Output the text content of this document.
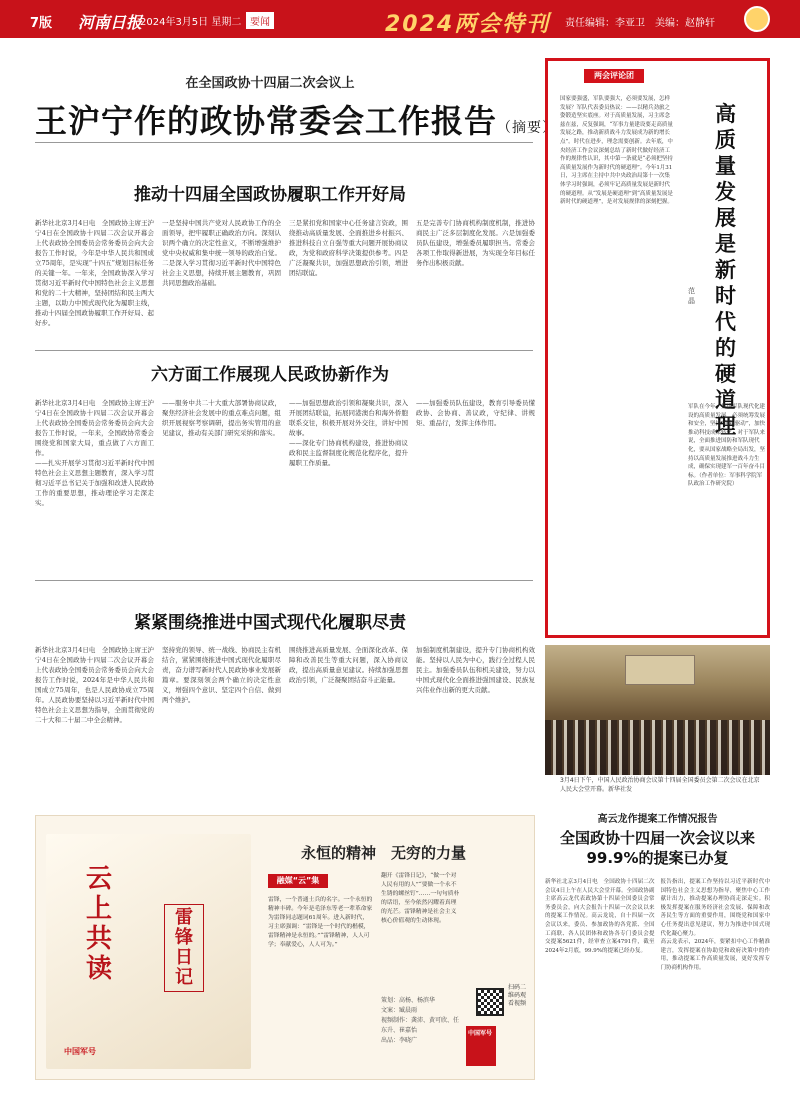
7版 河南日报
2024年3月5日 星期二 要闻	2024两会特刊 责任编辑：李亚卫　美编：赵静轩
在全国政协十四届二次会议上
王沪宁作的政协常委会工作报告（摘要）
推动十四届全国政协履职工作开好局
新华社北京3月4日电　全国政协主席王沪宁4日在全国政协十四届二次会议开幕会上代表政协全国委员会常务委员会向大会报告工作时说，今年是中华人民共和国成立75周年，是实现“十四五”规划目标任务的关键一年。一年来，全国政协深入学习贯彻习近平新时代中国特色社会主义思想和党的二十大精神，坚持团结和民主两大主题，以助力中国式现代化为履职主线，推动十四届全国政协履职工作开好局、起好步。
一是坚持中国共产党对人民政协工作的全面领导，把牢履职正确政治方向。深刻认识两个确立的决定性意义，不断增强维护党中央权威和集中统一领导的政治自觉。二是深入学习贯彻习近平新时代中国特色社会主义思想，持续开展主题教育，巩固共同思想政治基础。
三是紧扣党和国家中心任务建言资政，围绕推动高质量发展、全面推进乡村振兴、推进科技自立自强等重大问题开展协商议政，为党和政府科学决策提供参考。四是广泛凝聚共识，加强思想政治引领，增进团结联谊。
五是完善专门协商机构制度机制，推进协商民主广泛多层制度化发展。六是加强委员队伍建设，增强委员履职担当。常委会各项工作取得新进展，为实现全年目标任务作出积极贡献。
六方面工作展现人民政协新作为
新华社北京3月4日电　全国政协主席王沪宁4日在全国政协十四届二次会议开幕会上代表政协全国委员会常务委员会向大会报告工作时说，一年来，全国政协常委会围绕党和国家大局，重点做了六方面工作。
——扎实开展学习贯彻习近平新时代中国特色社会主义思想主题教育，深入学习贯彻习近平总书记关于加强和改进人民政协工作的重要思想，推动理论学习走深走实。
——服务中共二十大重大部署协商议政，聚焦经济社会发展中的重点难点问题，组织开展视察考察调研，提出务实管用的意见建议，推动有关部门研究采纳和落实。
——加强思想政治引领和凝聚共识，深入开展团结联谊，拓展同港澳台和海外侨胞联系交往，积极开展对外交往，讲好中国故事。
——深化专门协商机构建设，推进协商议政和民主监督制度化规范化程序化，提升履职工作质量。
——加强委员队伍建设，教育引导委员懂政协、会协商、善议政，守纪律、讲规矩、重品行，发挥主体作用。
紧紧围绕推进中国式现代化履职尽责
新华社北京3月4日电　全国政协主席王沪宁4日在全国政协十四届二次会议开幕会上代表政协全国委员会常务委员会向大会报告工作时说，2024年是中华人民共和国成立75周年，也是人民政协成立75周年。人民政协要坚持以习近平新时代中国特色社会主义思想为指导，全面贯彻党的二十大和二十届二中全会精神。
坚持党的领导、统一战线、协商民主有机结合，紧紧围绕推进中国式现代化履职尽责，奋力谱写新时代人民政协事业发展新篇章。要深刻领会两个确立的决定性意义，增强四个意识、坚定四个自信、做到两个维护。
围绕推进高质量发展、全面深化改革、保障和改善民生等重大问题，深入协商议政，提出高质量意见建议。持续加强思想政治引领，广泛凝聚团结奋斗正能量。
加强制度机制建设，提升专门协商机构效能。坚持以人民为中心，践行全过程人民民主。加强委员队伍和机关建设，努力以中国式现代化全面推进强国建设、民族复兴伟业作出新的更大贡献。
两会评论团
高质量发展是新时代的硬道理
范　晶
国家要强盛，军队要强大，必须要发展，怎样发展？军队代表委员热议：——以精兵劲旅之姿锻造坚实底座。对于高质量发展，习主席念兹在兹，反复强调，“军事力量建设要走高质量发展之路，推动新质战斗力发展成为新的增长点”。时代在进步，理念需要创新。去年底，中央经济工作会议深刻总结了新时代做好经济工作的规律性认识，其中第一条就是“必须把坚持高质量发展作为新时代的硬道理”。今年1月31日，习主席在主持中共中央政治局第十一次集体学习时强调，必须牢记高质量发展是新时代的硬道理。从“发展是硬道理”到“高质量发展是新时代的硬道理”，是对发展规律的深刻把握。
军队在今年、推进军队现代化建设的高质量发展，必须统筹发展和安全，坚持“创新驱动”，加快推动科技成果转化。对于军队来说，全面推进国防和军队现代化，要从国家战略全局出发，坚持以高质量发展推进战斗力生成，确保实现建军一百年奋斗目标。（作者单位：军事科学院军队政治工作研究院）
3月4日下午，中国人民政治协商会议第十四届全国委员会第二次会议在北京人民大会堂开幕。新华社发
云上共读
雷锋日记
中国军号
永恒的精神　无穷的力量
融媒“云”集
雷锋，一个普通士兵的名字。一个永恒的精神丰碑。今年是毛泽东等老一辈革命家为雷锋同志题词61周年。进入新时代，习主席强调：“雷锋是一个时代的楷模，雷锋精神是永恒的。”“雷锋精神，人人可学；奉献爱心，人人可为。”
翻开《雷锋日记》，“做一个对人民有用的人”“要做一个永不生锈的螺丝钉”……一句句质朴的话语，至今依然闪耀着真理的光芒。雷锋精神是社会主义核心价值观的生动体现。
策划：高杨、杨滨华
文案：臧晨雨
视频制作：龚沛、黄可欣、任东升、崔嘉怡
出品：李晓广
扫码二维码观看视频
中国军号
高云龙作提案工作情况报告
全国政协十四届一次会议以来99.9%的提案已办复
新华社北京3月4日电　全国政协十四届二次会议4日上午在人民大会堂开幕。全国政协副主席高云龙代表政协第十四届全国委员会常务委员会，向大会报告十四届一次会议以来的提案工作情况。高云龙说，自十四届一次会议以来，委员、参加政协的各党派、全国工商联、各人民团体和政协各专门委员会提交提案5621件，经审查立案4791件，截至2024年2月底，99.9%的提案已经办复。
报告指出，提案工作坚持以习近平新时代中国特色社会主义思想为指导，聚焦中心工作献计出力，推动提案办理协商走深走实。积极发挥提案在服务经济社会发展、保障和改善民生等方面的重要作用，围绕党和国家中心任务提出意见建议，努力为推进中国式现代化凝心聚力。
高云龙表示，2024年，要紧扣中心工作精准建言，发挥提案在协助党和政府决策中的作用，推动提案工作高质量发展，更好发挥专门协商机构作用。
